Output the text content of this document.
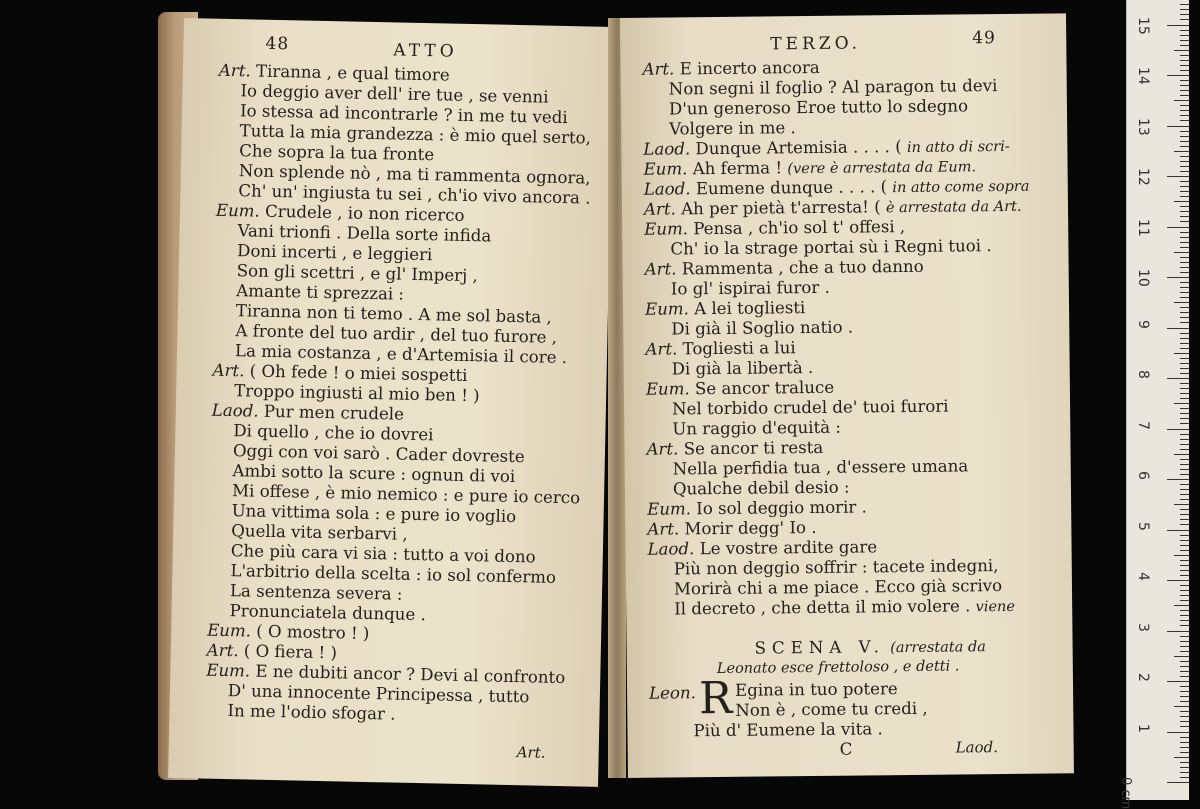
48	ATTO
Art. Tiranna , e qual timore
Io deggio aver dell' ire tue , se venni
Io stessa ad incontrarle ? in me tu vedi
Tutta la mia grandezza : è mio quel serto,
Che sopra la tua fronte
Non splende nò , ma ti rammenta ognora,
Ch' un' ingiusta tu sei , ch'io vivo ancora .
Eum. Crudele , io non ricerco
Vani trionfi . Della sorte infida
Doni incerti , e leggieri
Son gli scettri , e gl' Imperj ,
Amante ti sprezzai :
Tiranna non ti temo . A me sol basta ,
A fronte del tuo ardir , del tuo furore ,
La mia costanza , e d'Artemisia il core .
Art. ( Oh fede ! o miei sospetti
Troppo ingiusti al mio ben ! )
Laod. Pur men crudele
Di quello , che io dovrei
Oggi con voi sarò . Cader dovreste
Ambi sotto la scure : ognun di voi
Mi offese , è mio nemico : e pure io cerco
Una vittima sola : e pure io voglio
Quella vita serbarvi ,
Che più cara vi sia : tutto a voi dono
L'arbitrio della scelta : io sol confermo
La sentenza severa :
Pronunciatela dunque .
Eum. ( O mostro ! )
Art. ( O fiera ! )
Eum. E ne dubiti ancor ? Devi al confronto
D' una innocente Principessa , tutto
In me l'odio sfogar .
Art.
TERZO.	49
Art. E incerto ancora
Non segni il foglio ? Al paragon tu devi
D'un generoso Eroe tutto lo sdegno
Volgere in me .
Laod. Dunque Artemisia . . . . ( in atto di scri-
Eum. Ah ferma ! (vere è arrestata da Eum.
Laod. Eumene dunque . . . . ( in atto come sopra
Art. Ah per pietà t'arresta! ( è arrestata da Art.
Eum. Pensa , ch'io sol t' offesi ,
Ch' io la strage portai sù i Regni tuoi .
Art. Rammenta , che a tuo danno
Io gl' ispirai furor .
Eum. A lei togliesti
Di già il Soglio natio .
Art. Togliesti a lui
Di già la libertà .
Eum. Se ancor traluce
Nel torbido crudel de' tuoi furori
Un raggio d'equità :
Art. Se ancor ti resta
Nella perfidia tua , d'essere umana
Qualche debil desio :
Eum. Io sol deggio morir .
Art. Morir degg' Io .
Laod. Le vostre ardite gare
Più non deggio soffrir : tacete indegni,
Morirà chi a me piace . Ecco già scrivo
Il decreto , che detta il mio volere . viene
SCENA V. (arrestata da
Leonato esce frettoloso , e detti .
Leon. R Egina in tuo potere
Non è , come tu credi ,
Più d' Eumene la vita .
C	Laod.
0 cm
15
14
13
12
11
10
9
8
7
6
5
4
3
2
1
